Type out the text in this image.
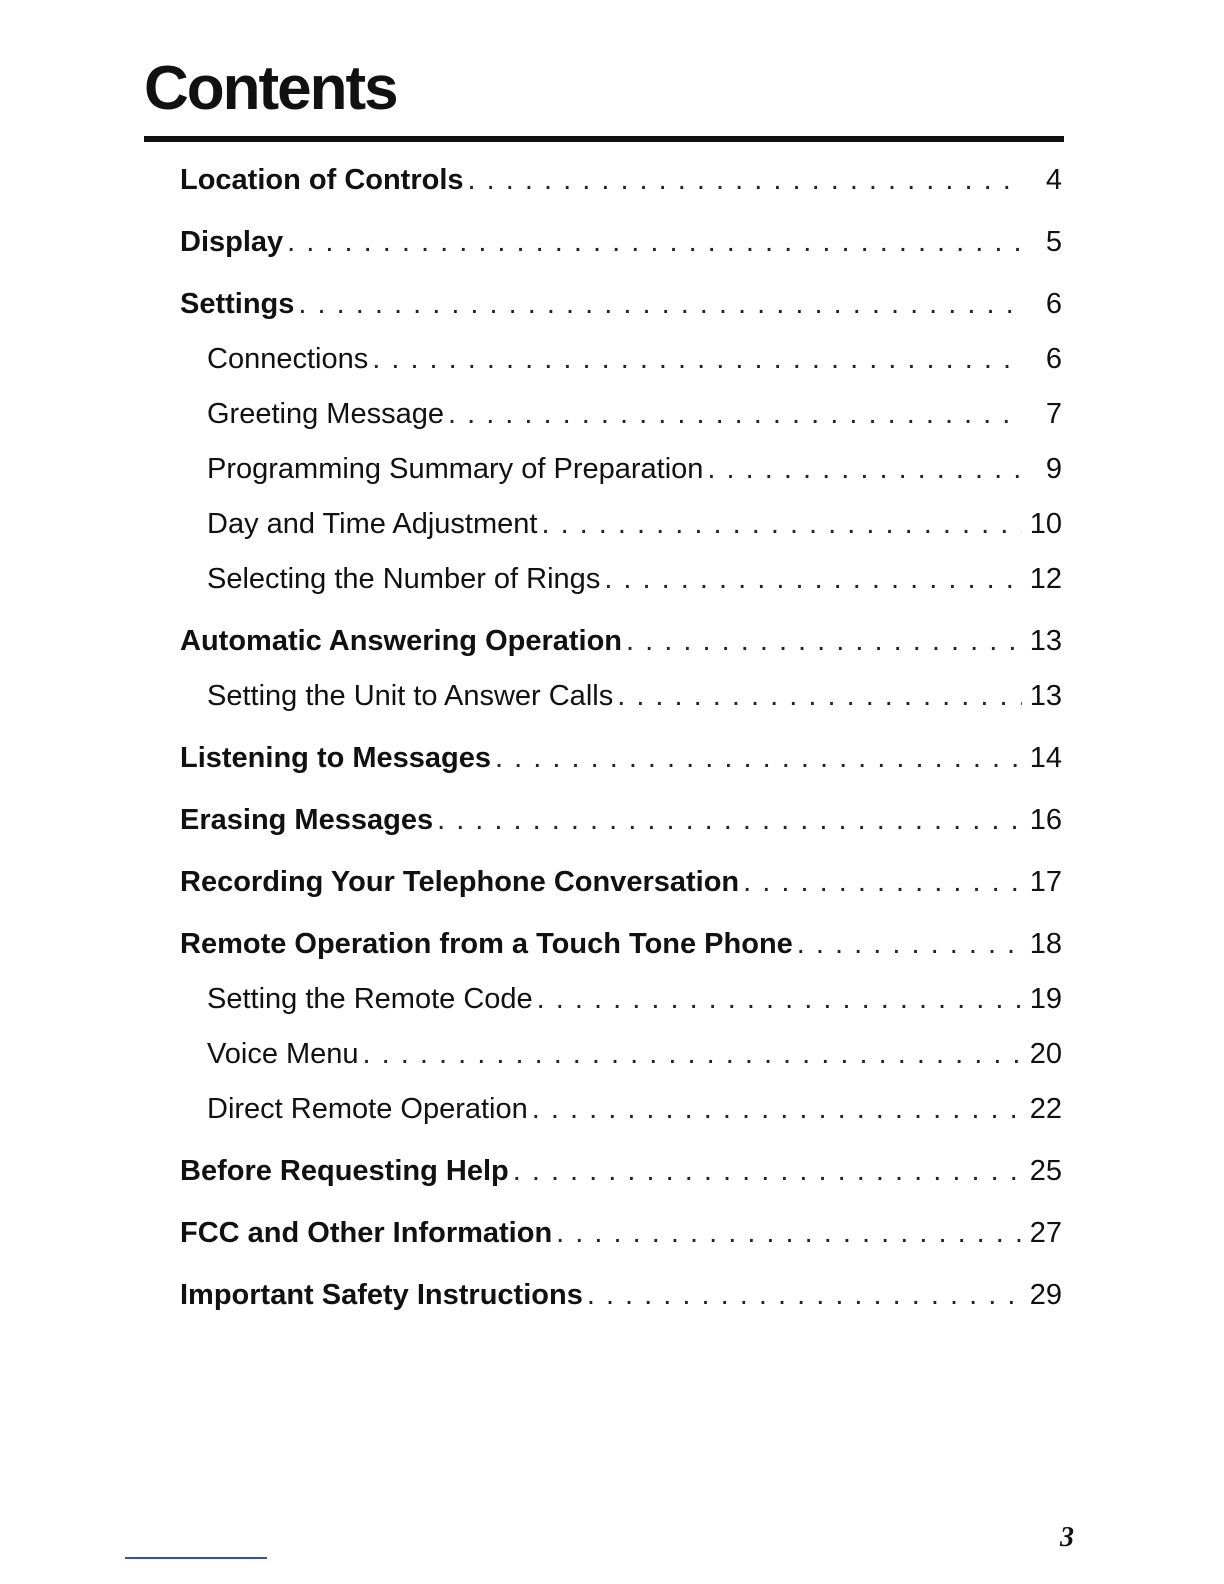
Contents
Location of Controls . . .	4
Display . . .	5
Settings . . .	6
Connections . . .	6
Greeting Message . . .	7
Programming Summary of Preparation . . .	9
Day and Time Adjustment . . .	10
Selecting the Number of Rings . . .	12
Automatic Answering Operation . . .	13
Setting the Unit to Answer Calls . . .	13
Listening to Messages . . .	14
Erasing Messages . . .	16
Recording Your Telephone Conversation . . .	17
Remote Operation from a Touch Tone Phone . . .	18
Setting the Remote Code . . .	19
Voice Menu . . .	20
Direct Remote Operation . . .	22
Before Requesting Help . . .	25
FCC and Other Information . . .	27
Important Safety Instructions . . .	29
3
